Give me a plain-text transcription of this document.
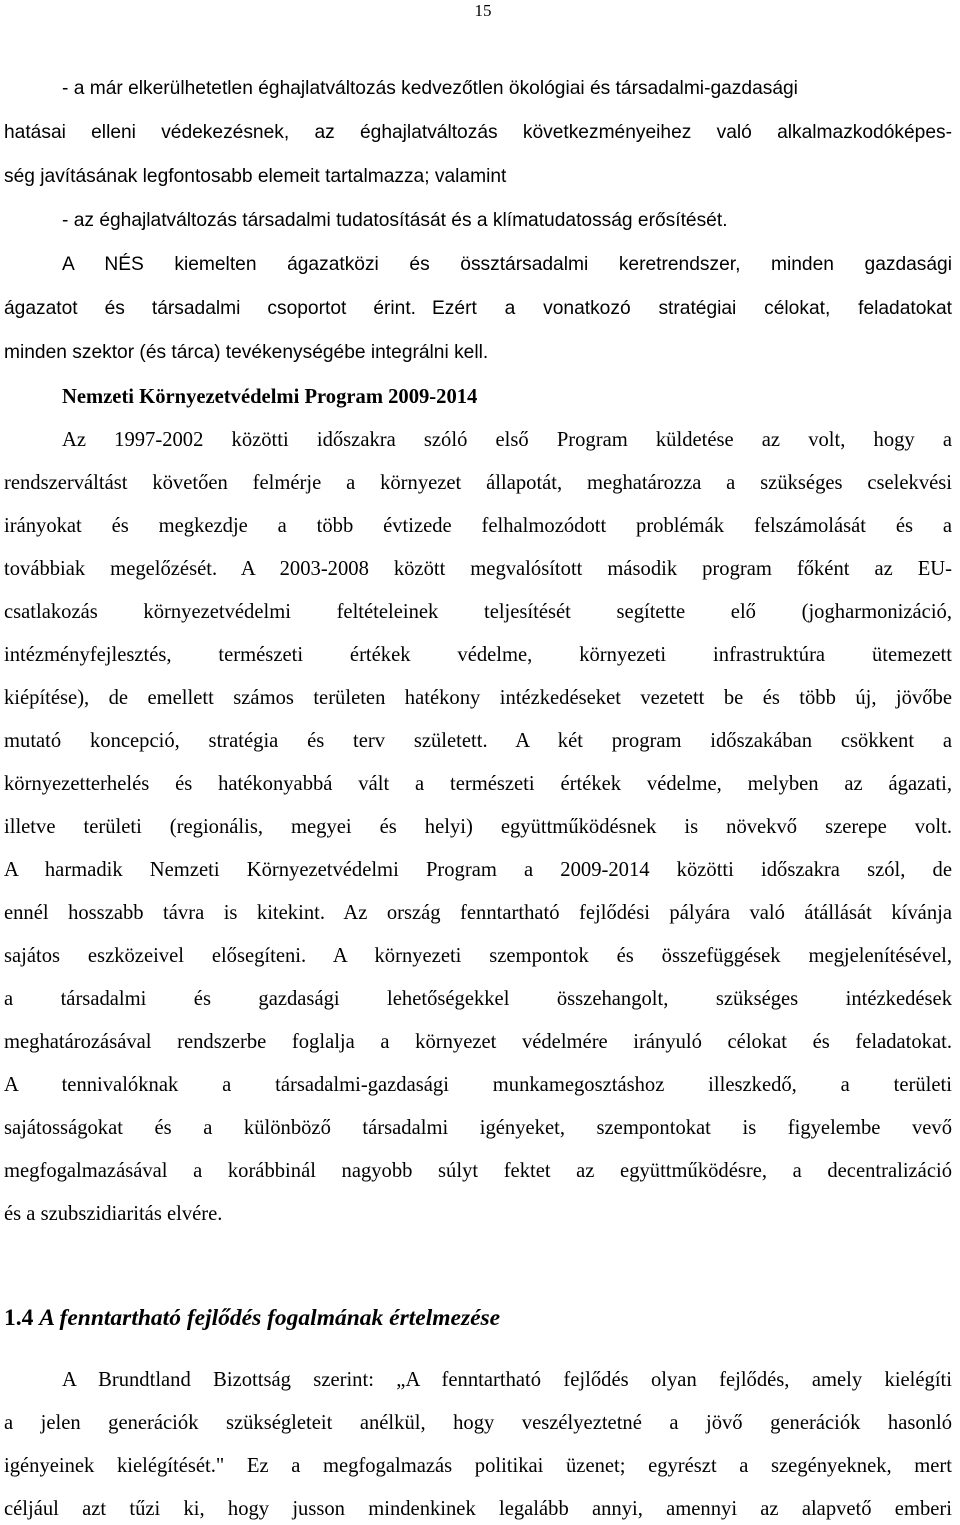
15
- a már elkerülhetetlen éghajlatváltozás kedvezőtlen ökológiai és társadalmi-gazdasági
hatásai elleni védekezésnek, az éghajlatváltozás következményeihez való alkalmazkodóképes-
ség javításának legfontosabb elemeit tartalmazza; valamint
- az éghajlatváltozás társadalmi tudatosítását és a klímatudatosság erősítését.
A NÉS kiemelten ágazatközi és össztársadalmi keretrendszer, minden gazdasági
ágazatot és társadalmi csoportot érint. Ezért a vonatkozó stratégiai célokat, feladatokat
minden szektor (és tárca) tevékenységébe integrálni kell.
Nemzeti Környezetvédelmi Program 2009-2014
Az 1997-2002 közötti időszakra szóló első Program küldetése az volt, hogy a
rendszerváltást követően felmérje a környezet állapotát, meghatározza a szükséges cselekvési
irányokat és megkezdje a több évtizede felhalmozódott problémák felszámolását és a
továbbiak megelőzését. A 2003-2008 között megvalósított második program főként az EU-
csatlakozás környezetvédelmi feltételeinek teljesítését segítette elő (jogharmonizáció,
intézményfejlesztés, természeti értékek védelme, környezeti infrastruktúra ütemezett
kiépítése), de emellett számos területen hatékony intézkedéseket vezetett be és több új, jövőbe
mutató koncepció, stratégia és terv született. A két program időszakában csökkent a
környezetterhelés és hatékonyabbá vált a természeti értékek védelme, melyben az ágazati,
illetve területi (regionális, megyei és helyi) együttműködésnek is növekvő szerepe volt.
A harmadik Nemzeti Környezetvédelmi Program a 2009-2014 közötti időszakra szól, de
ennél hosszabb távra is kitekint. Az ország fenntartható fejlődési pályára való átállását kívánja
sajátos eszközeivel elősegíteni. A környezeti szempontok és összefüggések megjelenítésével,
a társadalmi és gazdasági lehetőségekkel összehangolt, szükséges intézkedések
meghatározásával rendszerbe foglalja a környezet védelmére irányuló célokat és feladatokat.
A tennivalóknak a társadalmi-gazdasági munkamegosztáshoz illeszkedő, a területi
sajátosságokat és a különböző társadalmi igényeket, szempontokat is figyelembe vevő
megfogalmazásával a korábbinál nagyobb súlyt fektet az együttműködésre, a decentralizáció
és a szubszidiaritás elvére.
1.4 A fenntartható fejlődés fogalmának értelmezése
A Brundtland Bizottság szerint: „A fenntartható fejlődés olyan fejlődés, amely kielégíti
a jelen generációk szükségleteit anélkül, hogy veszélyeztetné a jövő generációk hasonló
igényeinek kielégítését." Ez a megfogalmazás politikai üzenet; egyrészt a szegényeknek, mert
céljául azt tűzi ki, hogy jusson mindenkinek legalább annyi, amennyi az alapvető emberi
